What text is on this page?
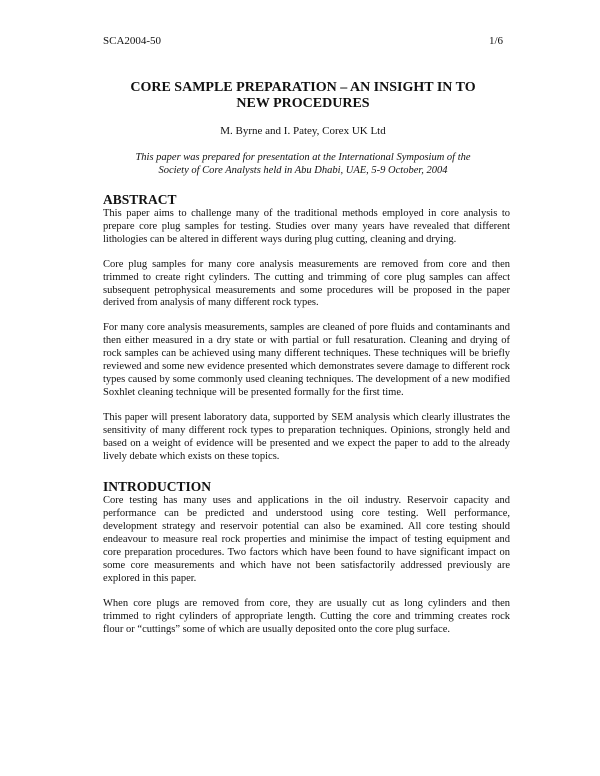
SCA2004-50	1/6
CORE SAMPLE PREPARATION – AN INSIGHT IN TO
NEW PROCEDURES
M. Byrne and I. Patey, Corex UK Ltd
This paper was prepared for presentation at the International Symposium of the
Society of Core Analysts held in Abu Dhabi, UAE, 5-9 October, 2004
ABSTRACT

This paper aims to challenge many of the traditional methods employed in core analysis to prepare core plug samples for testing. Studies over many years have revealed that different lithologies can be altered in different ways during plug cutting, cleaning and drying.

Core plug samples for many core analysis measurements are removed from core and then trimmed to create right cylinders. The cutting and trimming of core plug samples can affect subsequent petrophysical measurements and some procedures will be proposed in the paper derived from analysis of many different rock types.

For many core analysis measurements, samples are cleaned of pore fluids and contaminants and then either measured in a dry state or with partial or full resaturation. Cleaning and drying of rock samples can be achieved using many different techniques. These techniques will be briefly reviewed and some new evidence presented which demonstrates severe damage to different rock types caused by some commonly used cleaning techniques. The development of a new modified Soxhlet cleaning technique will be presented formally for the first time.

This paper will present laboratory data, supported by SEM analysis which clearly illustrates the sensitivity of many different rock types to preparation techniques. Opinions, strongly held and based on a weight of evidence will be presented and we expect the paper to add to the already lively debate which exists on these topics.

INTRODUCTION

Core testing has many uses and applications in the oil industry. Reservoir capacity and performance can be predicted and understood using core testing. Well performance, development strategy and reservoir potential can also be examined. All core testing should endeavour to measure real rock properties and minimise the impact of testing equipment and core preparation procedures. Two factors which have been found to have significant impact on some core measurements and which have not been satisfactorily addressed previously are explored in this paper.

When core plugs are removed from core, they are usually cut as long cylinders and then trimmed to right cylinders of appropriate length. Cutting the core and trimming creates rock flour or “cuttings” some of which are usually deposited onto the core plug surface.
